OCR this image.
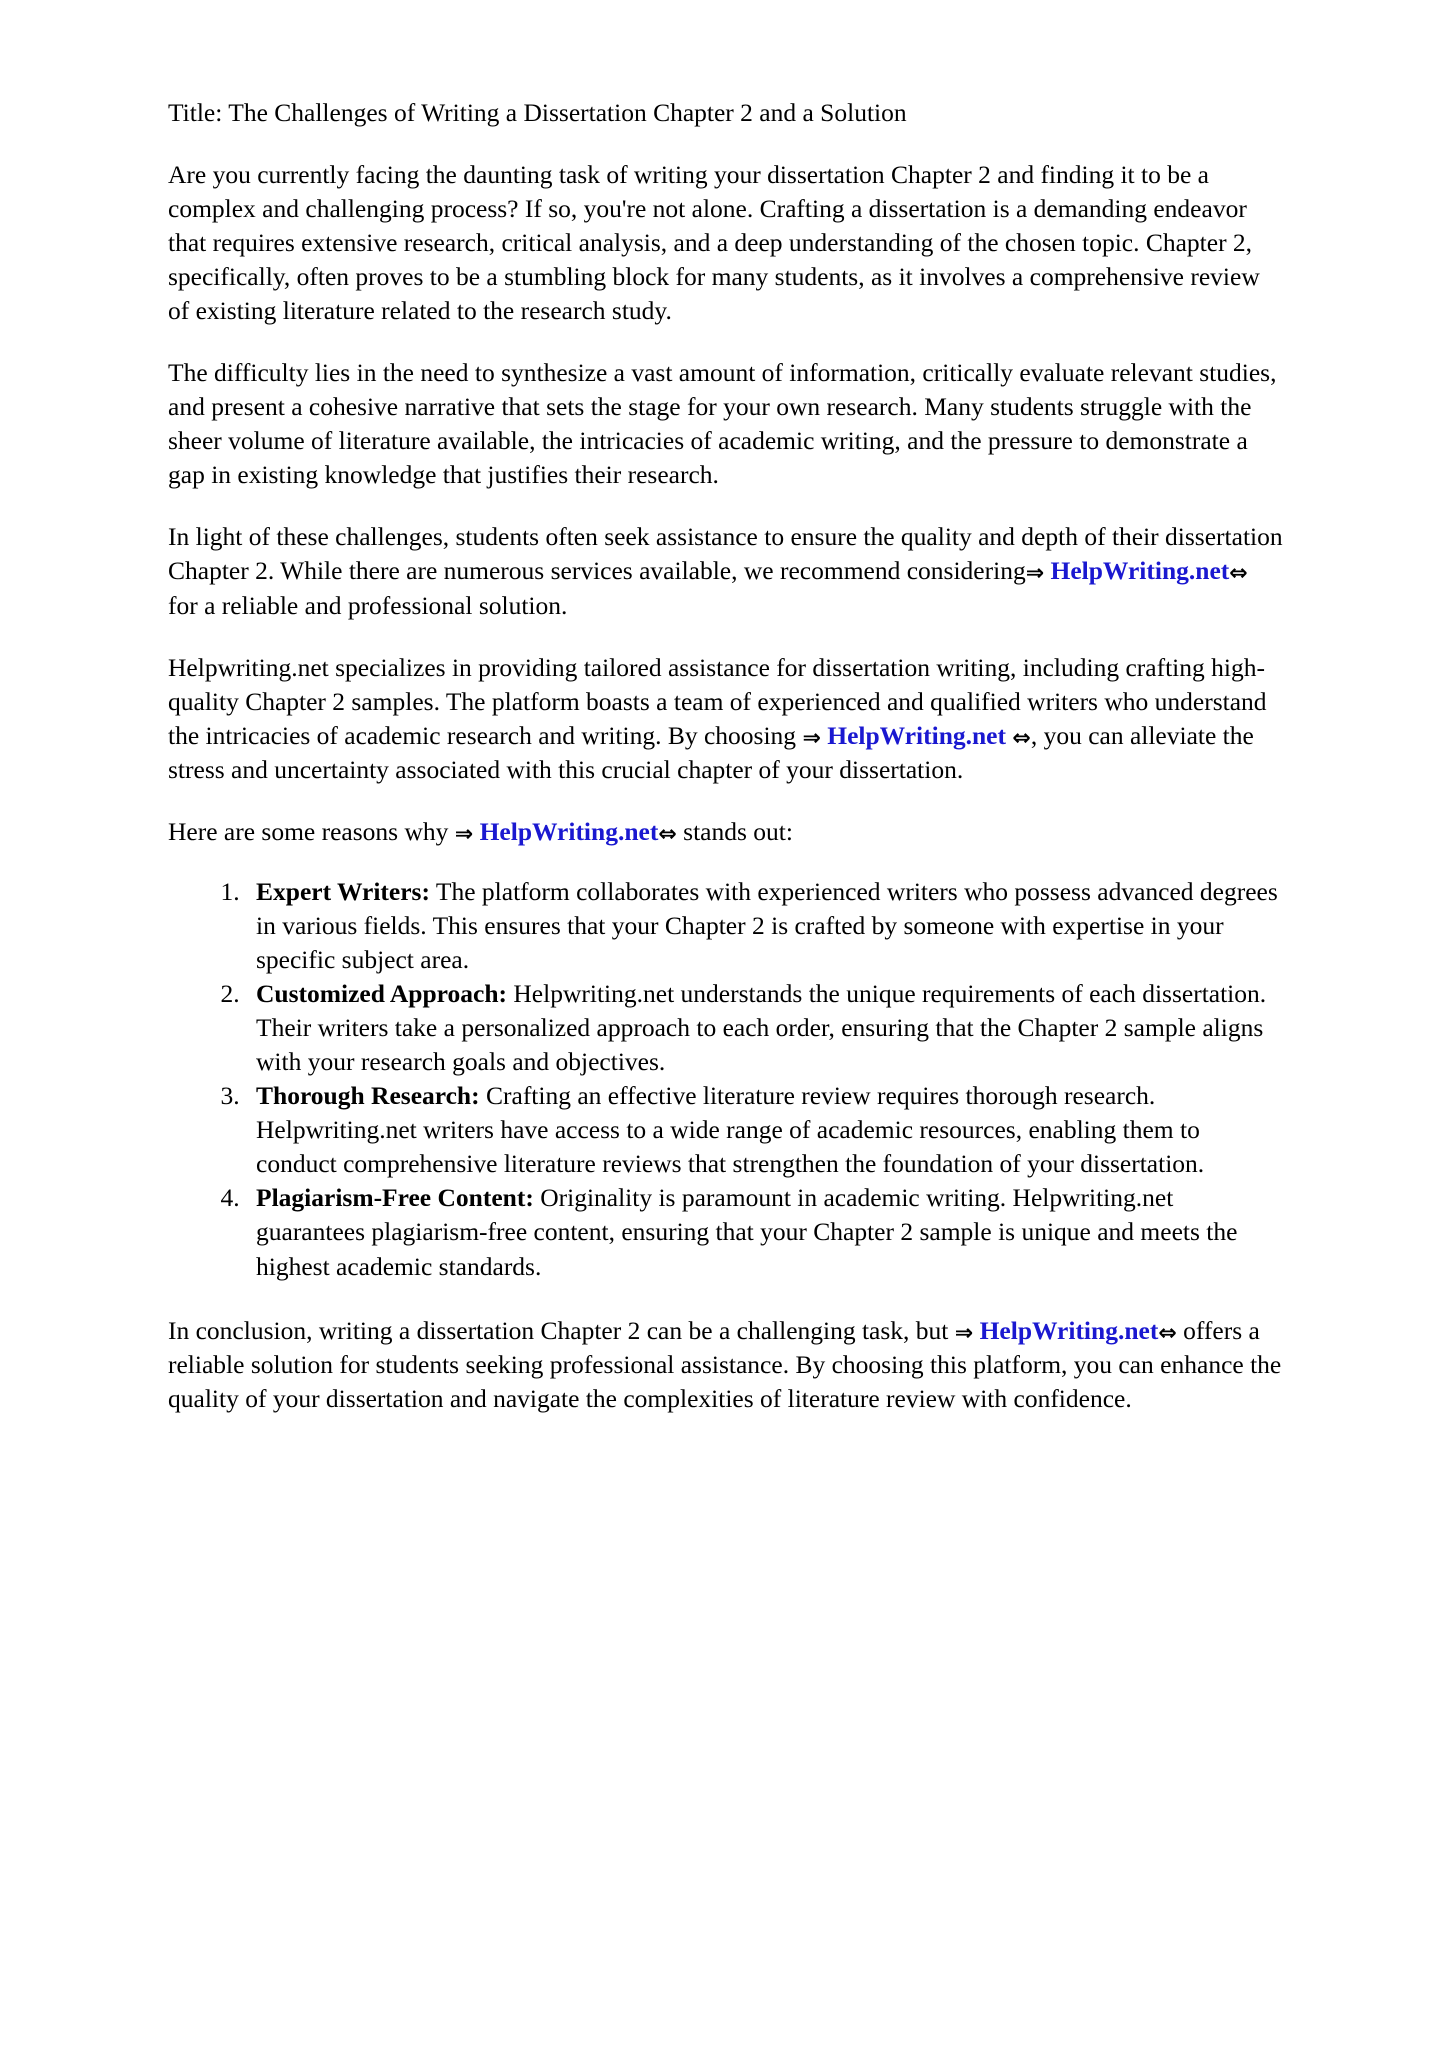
Title: The Challenges of Writing a Dissertation Chapter 2 and a Solution

Are you currently facing the daunting task of writing your dissertation Chapter 2 and finding it to be a complex and challenging process? If so, you're not alone. Crafting a dissertation is a demanding endeavor that requires extensive research, critical analysis, and a deep understanding of the chosen topic. Chapter 2, specifically, often proves to be a stumbling block for many students, as it involves a comprehensive review of existing literature related to the research study.

The difficulty lies in the need to synthesize a vast amount of information, critically evaluate relevant studies, and present a cohesive narrative that sets the stage for your own research. Many students struggle with the sheer volume of literature available, the intricacies of academic writing, and the pressure to demonstrate a gap in existing knowledge that justifies their research.

In light of these challenges, students often seek assistance to ensure the quality and depth of their dissertation Chapter 2. While there are numerous services available, we recommend considering⇒ HelpWriting.net⇔ for a reliable and professional solution.

Helpwriting.net specializes in providing tailored assistance for dissertation writing, including crafting high-quality Chapter 2 samples. The platform boasts a team of experienced and qualified writers who understand the intricacies of academic research and writing. By choosing ⇒ HelpWriting.net ⇔, you can alleviate the stress and uncertainty associated with this crucial chapter of your dissertation.

Here are some reasons why ⇒ HelpWriting.net⇔ stands out:

1. Expert Writers: The platform collaborates with experienced writers who possess advanced degrees in various fields. This ensures that your Chapter 2 is crafted by someone with expertise in your specific subject area.
2. Customized Approach: Helpwriting.net understands the unique requirements of each dissertation. Their writers take a personalized approach to each order, ensuring that the Chapter 2 sample aligns with your research goals and objectives.
3. Thorough Research: Crafting an effective literature review requires thorough research. Helpwriting.net writers have access to a wide range of academic resources, enabling them to conduct comprehensive literature reviews that strengthen the foundation of your dissertation.
4. Plagiarism-Free Content: Originality is paramount in academic writing. Helpwriting.net guarantees plagiarism-free content, ensuring that your Chapter 2 sample is unique and meets the highest academic standards.

In conclusion, writing a dissertation Chapter 2 can be a challenging task, but ⇒ HelpWriting.net⇔ offers a reliable solution for students seeking professional assistance. By choosing this platform, you can enhance the quality of your dissertation and navigate the complexities of literature review with confidence.
